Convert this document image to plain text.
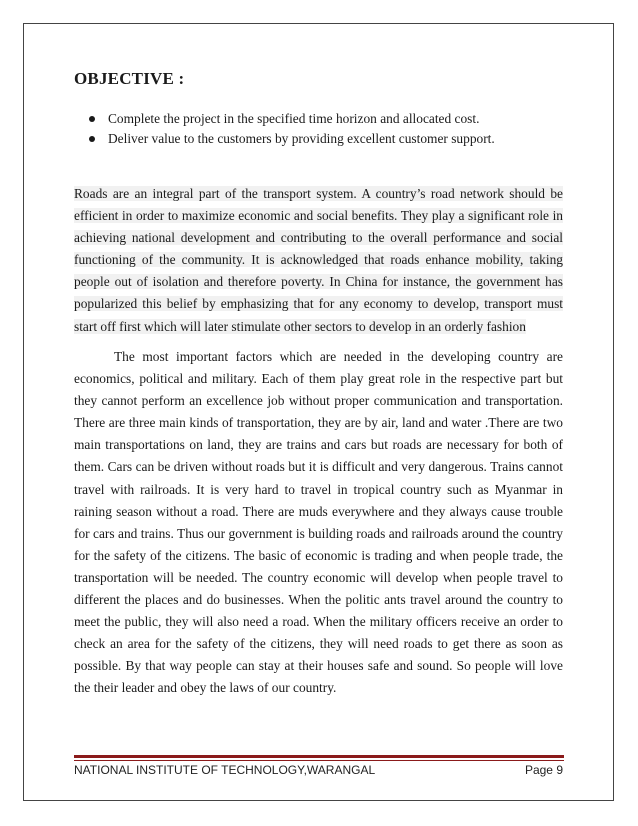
OBJECTIVE :
Complete the project in the specified time horizon and allocated cost.
Deliver value to the customers by providing excellent customer support.

Roads are an integral part of the transport system. A country’s road network should be efficient in order to maximize economic and social benefits. They play a significant role in achieving national development and contributing to the overall performance and social functioning of the community. It is acknowledged that roads enhance mobility, taking people out of isolation and therefore poverty. In China for instance, the government has popularized this belief by emphasizing that for any economy to develop, transport must start off first which will later stimulate other sectors to develop in an orderly fashion

The most important factors which are needed in the developing country are economics, political and military. Each of them play great role in the respective part but they cannot perform an excellence job without proper communication and transportation. There are three main kinds of transportation, they are by air, land and water .There are two main transportations on land, they are trains and cars but roads are necessary for both of them. Cars can be driven without roads but it is difficult and very dangerous. Trains cannot travel with railroads. It is very hard to travel in tropical country such as Myanmar in raining season without a road. There are muds everywhere and they always cause trouble for cars and trains. Thus our government is building roads and railroads around the country for the safety of the citizens. The basic of economic is trading and when people trade, the transportation will be needed. The country economic will develop when people travel to different the places and do businesses. When the politic ants travel around the country to meet the public, they will also need a road. When the military officers receive an order to check an area for the safety of the citizens, they will need roads to get there as soon as possible. By that way people can stay at their houses safe and sound. So people will love the their leader and obey the laws of our country.

NATIONAL INSTITUTE OF TECHNOLOGY,WARANGAL	Page 9
